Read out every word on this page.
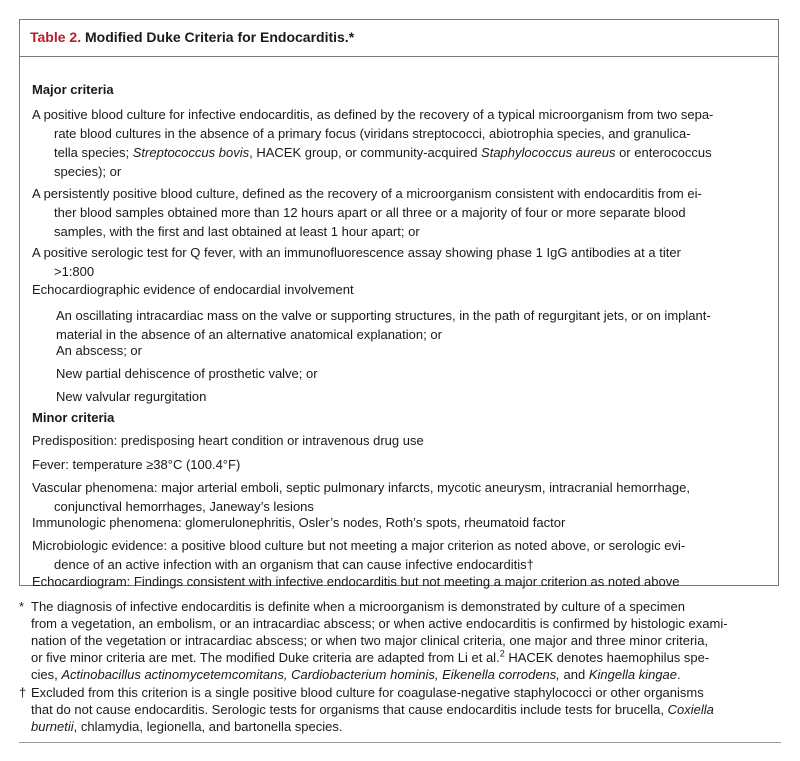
Table 2. Modified Duke Criteria for Endocarditis.*
Major criteria
A positive blood culture for infective endocarditis, as defined by the recovery of a typical microorganism from two sepa-
rate blood cultures in the absence of a primary focus (viridans streptococci, abiotrophia species, and granulica-
tella species; Streptococcus bovis, HACEK group, or community-acquired Staphylococcus aureus or enterococcus
species); or
A persistently positive blood culture, defined as the recovery of a microorganism consistent with endocarditis from ei-
ther blood samples obtained more than 12 hours apart or all three or a majority of four or more separate blood
samples, with the first and last obtained at least 1 hour apart; or
A positive serologic test for Q fever, with an immunofluorescence assay showing phase 1 IgG antibodies at a titer
>1:800
Echocardiographic evidence of endocardial involvement
An oscillating intracardiac mass on the valve or supporting structures, in the path of regurgitant jets, or on implant-
material in the absence of an alternative anatomical explanation; or
An abscess; or
New partial dehiscence of prosthetic valve; or
New valvular regurgitation
Minor criteria
Predisposition: predisposing heart condition or intravenous drug use
Fever: temperature ≥38°C (100.4°F)
Vascular phenomena: major arterial emboli, septic pulmonary infarcts, mycotic aneurysm, intracranial hemorrhage,
conjunctival hemorrhages, Janeway’s lesions
Immunologic phenomena: glomerulonephritis, Osler’s nodes, Roth’s spots, rheumatoid factor
Microbiologic evidence: a positive blood culture but not meeting a major criterion as noted above, or serologic evi-
dence of an active infection with an organism that can cause infective endocarditis†
Echocardiogram: Findings consistent with infective endocarditis but not meeting a major criterion as noted above
* The diagnosis of infective endocarditis is definite when a microorganism is demonstrated by culture of a specimen
from a vegetation, an embolism, or an intracardiac abscess; or when active endocarditis is confirmed by histologic exami-
nation of the vegetation or intracardiac abscess; or when two major clinical criteria, one major and three minor criteria,
or five minor criteria are met. The modified Duke criteria are adapted from Li et al.$^2$ HACEK denotes haemophilus spe-
cies, Actinobacillus actinomycetemcomitans, Cardiobacterium hominis, Eikenella corrodens, and Kingella kingae.
† Excluded from this criterion is a single positive blood culture for coagulase-negative staphylococci or other organisms
that do not cause endocarditis. Serologic tests for organisms that cause endocarditis include tests for brucella, Coxiella
burnetii, chlamydia, legionella, and bartonella species.
